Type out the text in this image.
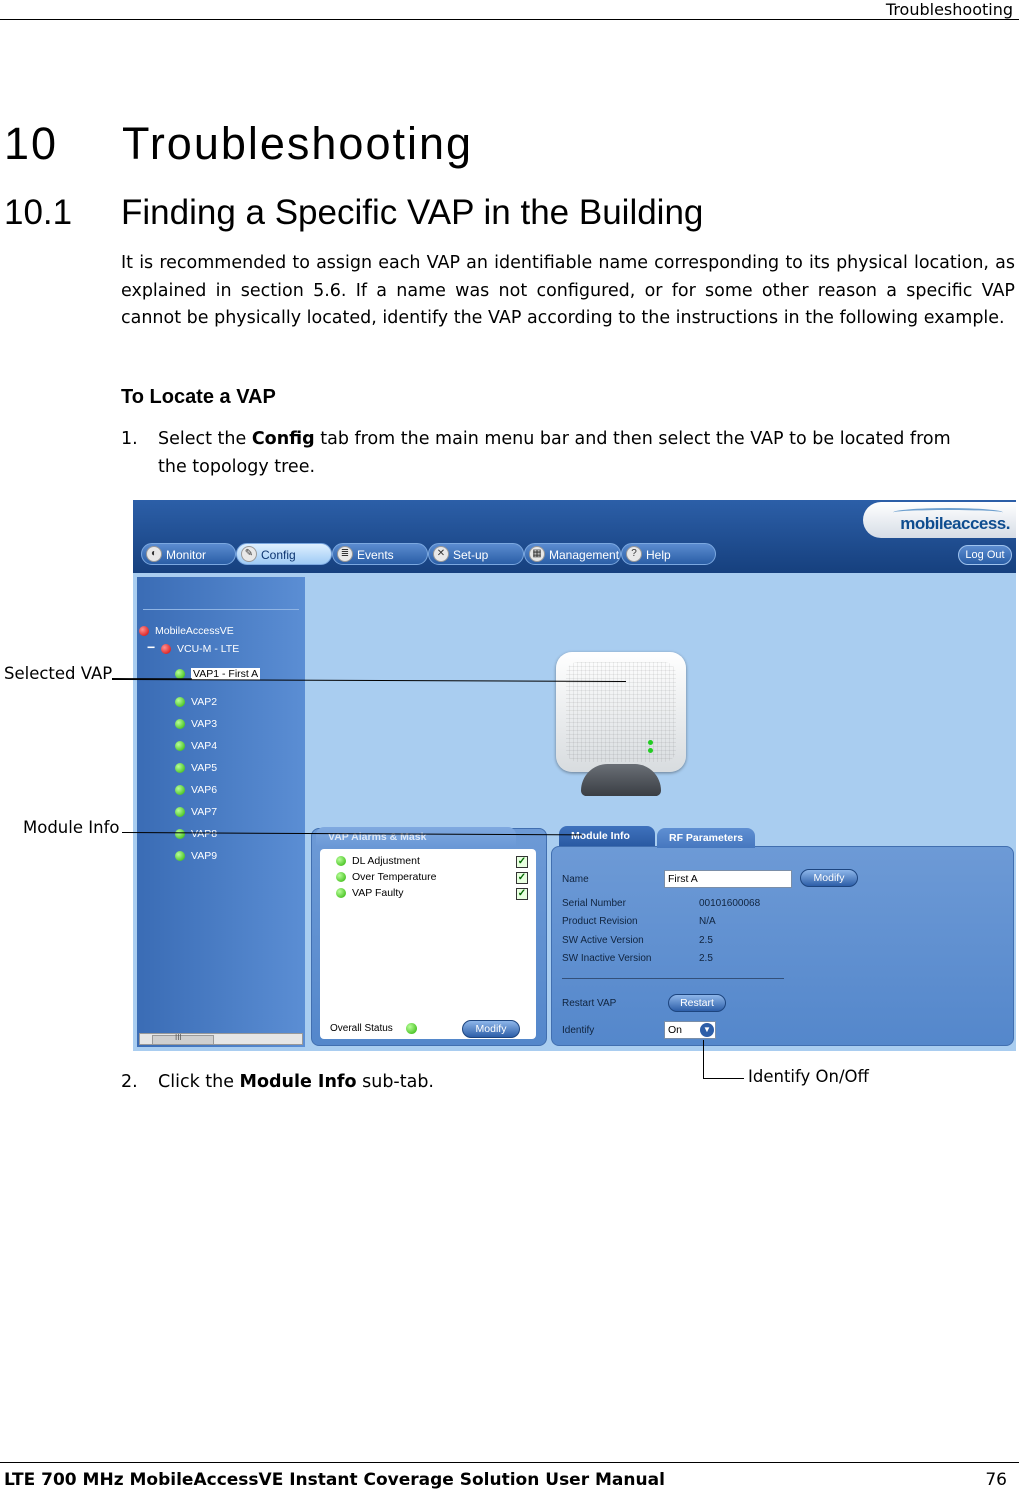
Troubleshooting
10 Troubleshooting
10.1 Finding a Specific VAP in the Building
It is recommended to assign each VAP an identifiable name corresponding to its physical location, as explained in section 5.6. If a name was not configured, or for some other reason a specific VAP cannot be physically located, identify the VAP according to the instructions in the following example.
To Locate a VAP
1. Select the Config tab from the main menu bar and then select the VAP to be located from
the topology tree.
mobileaccess.
◐ Monitor	✎ Config	≣ Events	✕ Set-up	▦ Management	? Help	Log Out
MobileAccessVE
− VCU-M - LTE
VAP1 - First A
VAP2
VAP3
VAP4
VAP5
VAP6
VAP7
VAP8
VAP9
III
VAP Alarms & Mask
DL Adjustment	✓
Over Temperature	✓
VAP Faulty	✓
Overall Status	Modify
Name	First A	Modify
Serial Number	00101600068
Product Revision	N/A
SW Active Version	2.5
SW Inactive Version	2.5
Restart VAP	Restart
Identify	On	▼
Module Info	RF Parameters
Selected VAP
Module Info
Identify On/Off
2. Click the Module Info sub-tab.
LTE 700 MHz MobileAccessVE Instant Coverage Solution User Manual	76
